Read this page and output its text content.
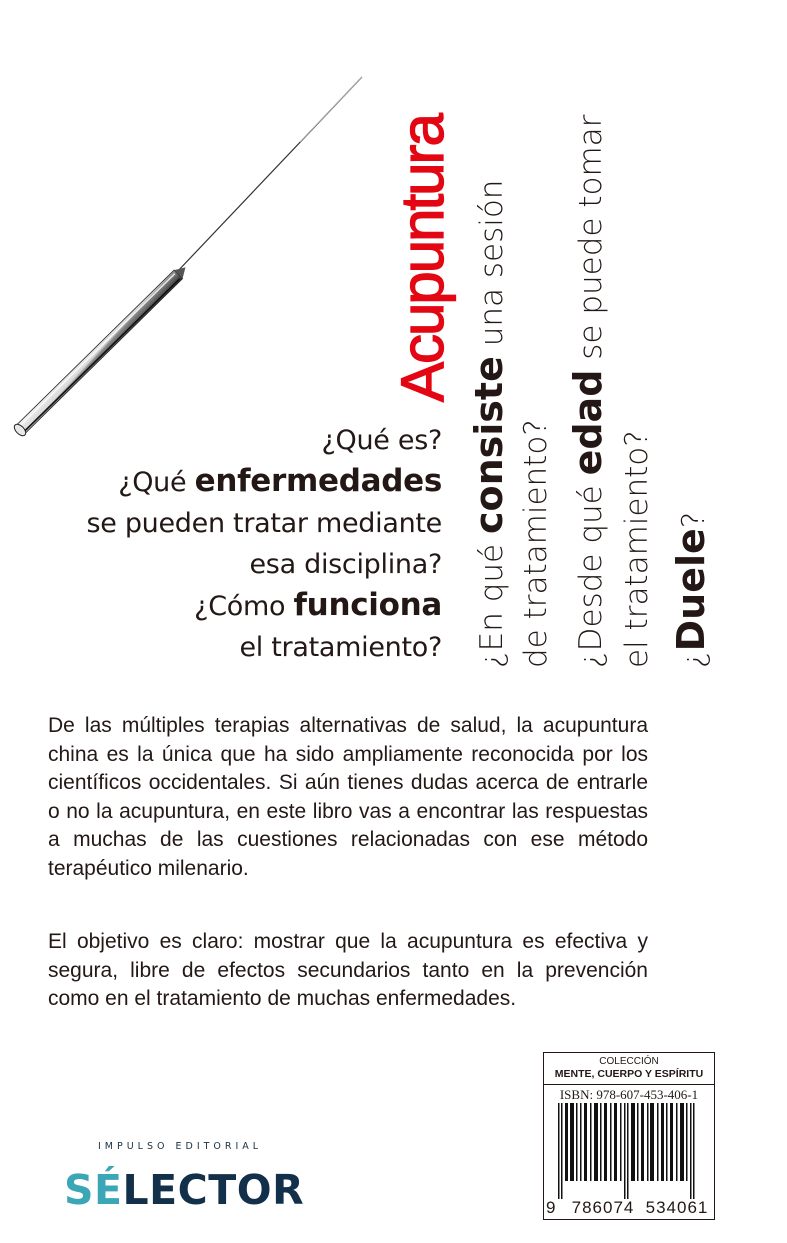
Acupuntura
¿En qué consiste una sesión
de tratamiento? ¿Desde qué edad se puede tomar
el tratamiento? ¿Duele?
¿Qué es?
¿Qué enfermedades
se pueden tratar mediante
esa disciplina?
¿Cómo funciona
el tratamiento?

De las múltiples terapias alternativas de salud, la acupuntura china es la única que ha sido ampliamente reconocida por los científicos occidentales. Si aún tienes dudas acerca de entrarle o no la acupuntura, en este libro vas a encontrar las respuestas a muchas de las cuestiones relacionadas con ese método terapéutico milenario.

El objetivo es claro: mostrar que la acupuntura es efectiva y segura, libre de efectos secundarios tanto en la prevención como en el tratamiento de muchas enfermedades.

COLECCIÓN
MENTE, CUERPO Y ESPÍRITU
ISBN: 978-607-453-406-1
9 786074 534061
IMPULSO EDITORIAL
SÉLECTOR
